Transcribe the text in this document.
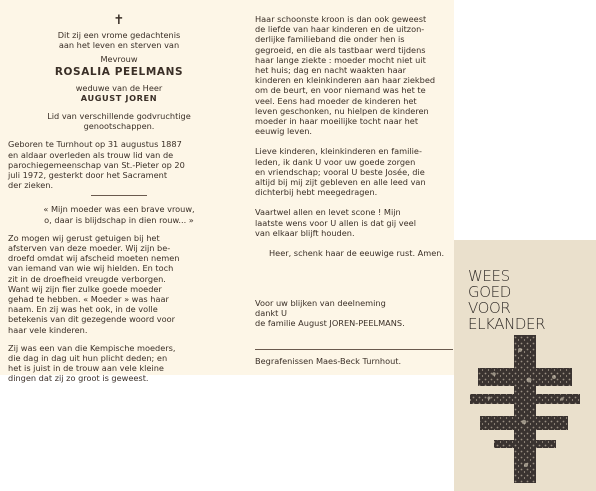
✝

Dit zij een vrome gedachtenis
aan het leven en sterven van

Mevrouw

ROSALIA PEELMANS

weduwe van de Heer

AUGUST JOREN

Lid van verschillende godvruchtige
genootschappen.

Geboren te Turnhout op 31 augustus 1887
en aldaar overleden als trouw lid van de
parochiegemeenschap van St.-Pieter op 20
juli 1972, gesterkt door het Sacrament
der zieken.

« Mijn moeder was een brave vrouw,
o, daar is blijdschap in dien rouw... »

Zo mogen wij gerust getuigen bij het
afsterven van deze moeder. Wij zijn be-
droefd omdat wij afscheid moeten nemen
van iemand van wie wij hielden. En toch
zit in de droefheid vreugde verborgen.
Want wij zijn fier zulke goede moeder
gehad te hebben. « Moeder » was haar
naam. En zij was het ook, in de volle
betekenis van dit gezegende woord voor
haar vele kinderen.

Zij was een van die Kempische moeders,
die dag in dag uit hun plicht deden; en
het is juist in de trouw aan vele kleine
dingen dat zij zo groot is geweest.

Haar schoonste kroon is dan ook geweest
de liefde van haar kinderen en de uitzon-
derlijke familieband die onder hen is
gegroeid, en die als tastbaar werd tijdens
haar lange ziekte : moeder mocht niet uit
het huis; dag en nacht waakten haar
kinderen en kleinkinderen aan haar ziekbed
om de beurt, en voor niemand was het te
veel. Eens had moeder de kinderen het
leven geschonken, nu hielpen de kinderen
moeder in haar moeilijke tocht naar het
eeuwig leven.

Lieve kinderen, kleinkinderen en familie-
leden, ik dank U voor uw goede zorgen
en vriendschap; vooral U beste Josée, die
altijd bij mij zijt gebleven en alle leed van
dichterbij hebt meegedragen.

Vaartwel allen en levet scone ! Mijn
laatste wens voor U allen is dat gij veel
van elkaar blijft houden.

Heer, schenk haar de eeuwige rust. Amen.

Voor uw blijken van deelneming
dankt U
de familie August JOREN-PEELMANS.

Begrafenissen Maes-Beck Turnhout.

WEES
GOED
VOOR
ELKANDER
